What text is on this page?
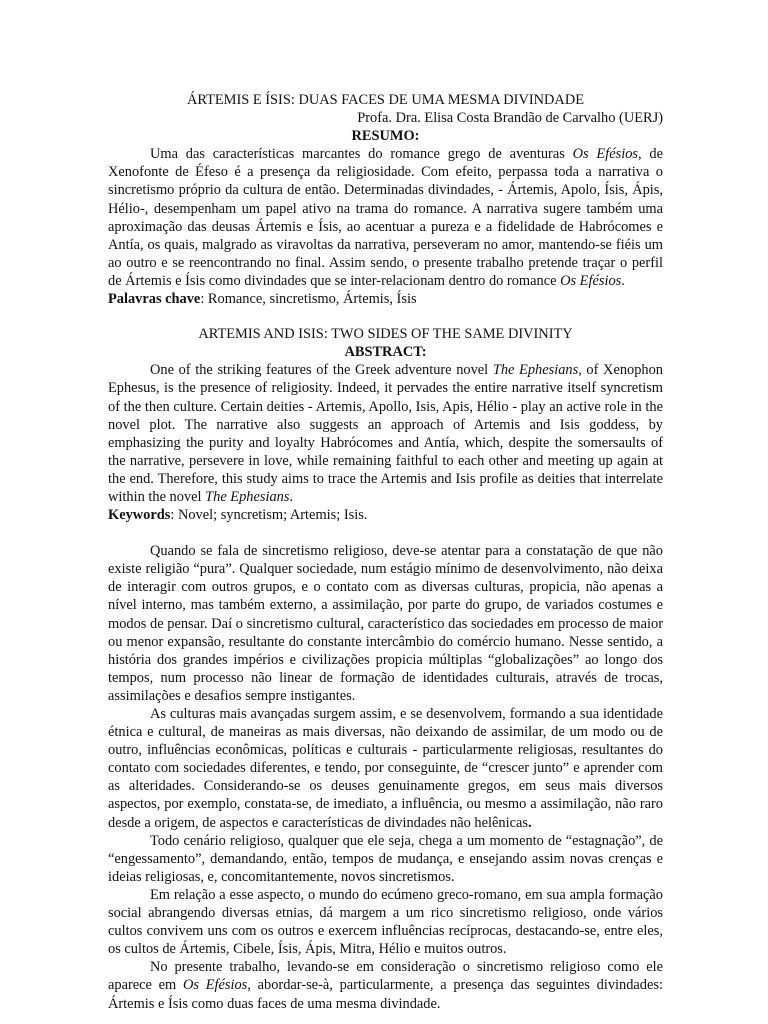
ÁRTEMIS E ÍSIS: DUAS FACES DE UMA MESMA DIVINDADE
Profa. Dra. Elisa Costa Brandão de Carvalho (UERJ)
RESUMO:

Uma das características marcantes do romance grego de aventuras Os Efésios, de Xenofonte de Éfeso é a presença da religiosidade. Com efeito, perpassa toda a narrativa o sincretismo próprio da cultura de então. Determinadas divindades, - Ártemis, Apolo, Ísis, Ápis, Hélio-, desempenham um papel ativo na trama do romance. A narrativa sugere também uma aproximação das deusas Ártemis e Ísis, ao acentuar a pureza e a fidelidade de Habrócomes e Antía, os quais, malgrado as viravoltas da narrativa, perseveram no amor, mantendo-se fiéis um ao outro e se reencontrando no final. Assim sendo, o presente trabalho pretende traçar o perfil de Ártemis e Ísis como divindades que se inter-relacionam dentro do romance Os Efésios.

Palavras chave: Romance, sincretismo, Ártemis, Ísis

ARTEMIS AND ISIS: TWO SIDES OF THE SAME DIVINITY
ABSTRACT:

One of the striking features of the Greek adventure novel The Ephesians, of Xenophon Ephesus, is the presence of religiosity. Indeed, it pervades the entire narrative itself syncretism of the then culture. Certain deities - Artemis, Apollo, Isis, Apis, Hélio - play an active role in the novel plot. The narrative also suggests an approach of Artemis and Isis goddess, by emphasizing the purity and loyalty Habrócomes and Antía, which, despite the somersaults of the narrative, persevere in love, while remaining faithful to each other and meeting up again at the end. Therefore, this study aims to trace the Artemis and Isis profile as deities that interrelate within the novel The Ephesians.

Keywords: Novel; syncretism; Artemis; Isis.

Quando se fala de sincretismo religioso, deve-se atentar para a constatação de que não existe religião “pura”. Qualquer sociedade, num estágio mínimo de desenvolvimento, não deixa de interagir com outros grupos, e o contato com as diversas culturas, propicia, não apenas a nível interno, mas também externo, a assimilação, por parte do grupo, de variados costumes e modos de pensar. Daí o sincretismo cultural, característico das sociedades em processo de maior ou menor expansão, resultante do constante intercâmbio do comércio humano. Nesse sentido, a história dos grandes impérios e civilizações propicia múltiplas “globalizações” ao longo dos tempos, num processo não linear de formação de identidades culturais, através de trocas, assimilações e desafios sempre instigantes.

As culturas mais avançadas surgem assim, e se desenvolvem, formando a sua identidade étnica e cultural, de maneiras as mais diversas, não deixando de assimilar, de um modo ou de outro, influências econômicas, políticas e culturais - particularmente religiosas, resultantes do contato com sociedades diferentes, e tendo, por conseguinte, de “crescer junto” e aprender com as alteridades. Considerando-se os deuses genuinamente gregos, em seus mais diversos aspectos, por exemplo, constata-se, de imediato, a influência, ou mesmo a assimilação, não raro desde a origem, de aspectos e características de divindades não helênicas.

Todo cenário religioso, qualquer que ele seja, chega a um momento de “estagnação”, de “engessamento”, demandando, então, tempos de mudança, e ensejando assim novas crenças e ideias religiosas, e, concomitantemente, novos sincretismos.

Em relação a esse aspecto, o mundo do ecúmeno greco-romano, em sua ampla formação social abrangendo diversas etnias, dá margem a um rico sincretismo religioso, onde vários cultos convivem uns com os outros e exercem influências recíprocas, destacando-se, entre eles, os cultos de Ártemis, Cibele, Ísis, Ápis, Mitra, Hélio e muitos outros.

No presente trabalho, levando-se em consideração o sincretismo religioso como ele aparece em Os Efésios, abordar-se-à, particularmente, a presença das seguintes divindades: Ártemis e Ísis como duas faces de uma mesma divindade.
